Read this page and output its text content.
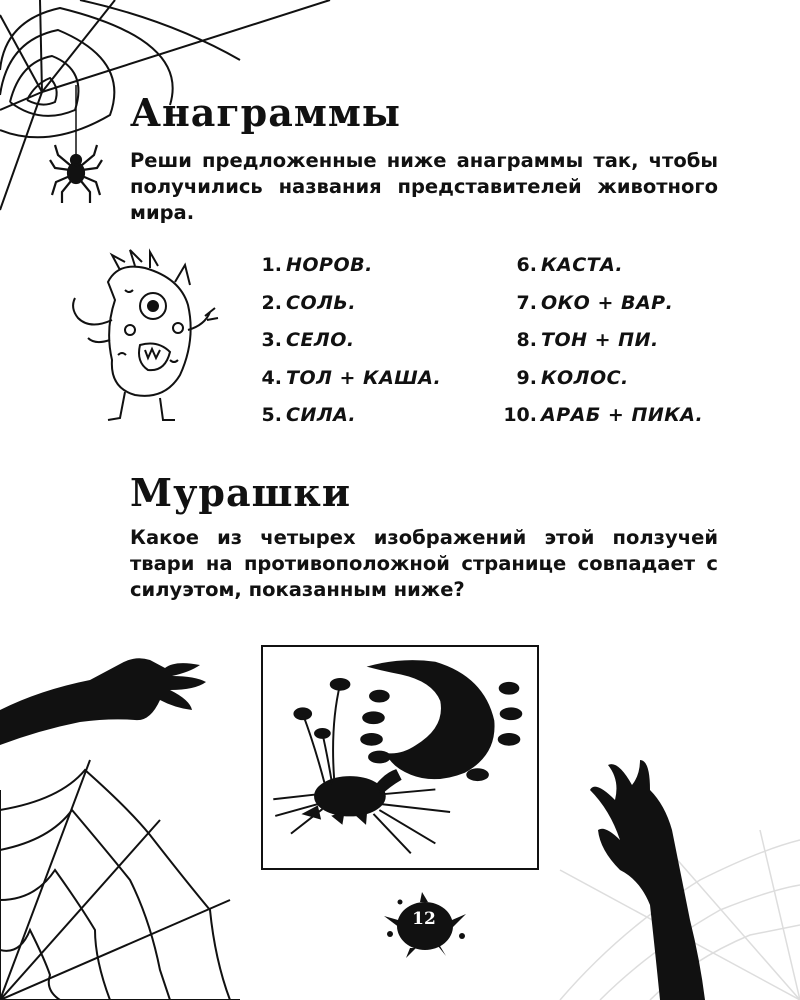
Анаграммы

Реши предложенные ниже анаграммы так, чтобы получились названия представителей животного мира.

1. НОРОВ.
2. СОЛЬ.
3. СЕЛО.
4. ТОЛ + КАША.
5. СИЛА.
6. КАСТА.
7. ОКО + ВАР.
8. ТОН + ПИ.
9. КОЛОС.
10. АРАБ + ПИКА.
Мурашки

Какое из четырех изображений этой ползучей твари на противоположной странице совпадает с силуэтом, показанным ниже?

12
